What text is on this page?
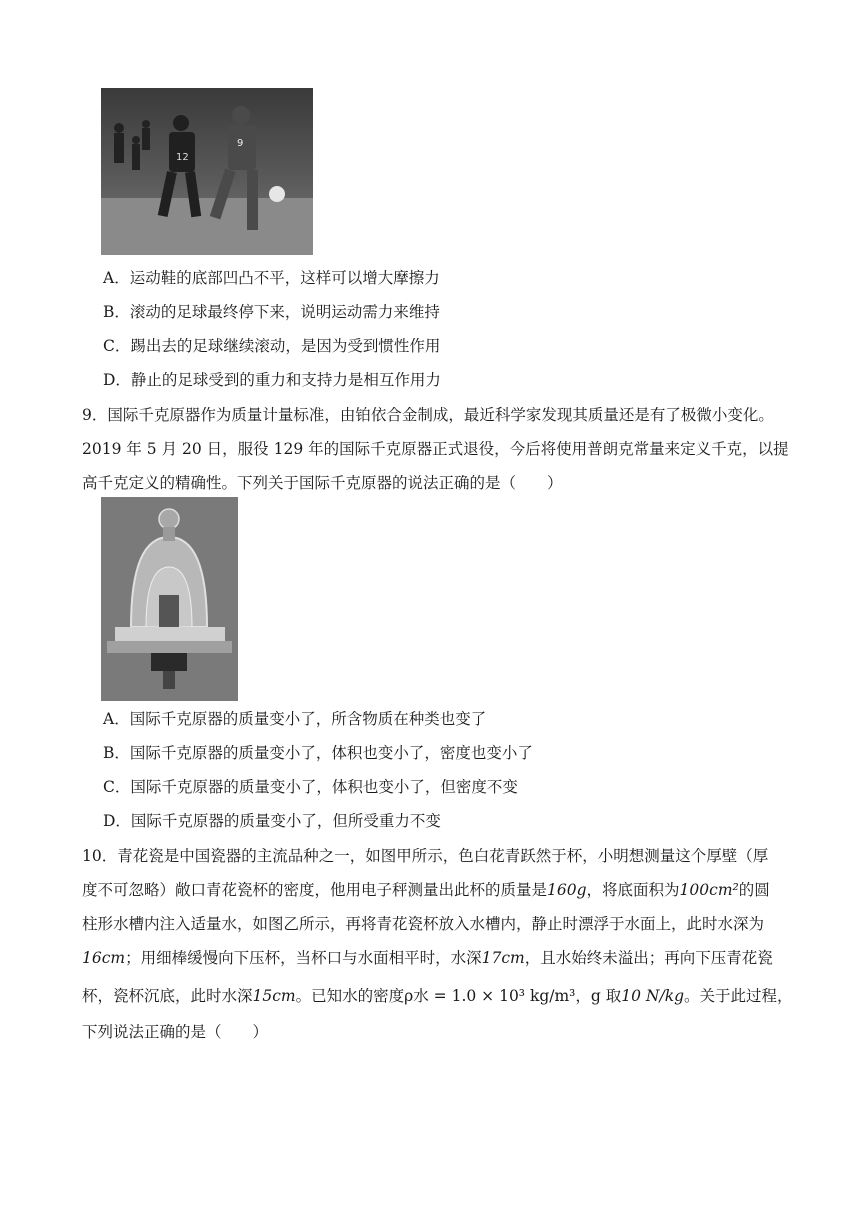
12
9
A．运动鞋的底部凹凸不平，这样可以增大摩擦力
B．滚动的足球最终停下来，说明运动需力来维持
C．踢出去的足球继续滚动，是因为受到惯性作用
D．静止的足球受到的重力和支持力是相互作用力
9．国际千克原器作为质量计量标准，由铂依合金制成，最近科学家发现其质量还是有了极微小变化。
2019 年 5 月 20 日，服役 129 年的国际千克原器正式退役，今后将使用普朗克常量来定义千克，以提
高千克定义的精确性。下列关于国际千克原器的说法正确的是（　　）
A．国际千克原器的质量变小了，所含物质在种类也变了
B．国际千克原器的质量变小了，体积也变小了，密度也变小了
C．国际千克原器的质量变小了，体积也变小了，但密度不变
D．国际千克原器的质量变小了，但所受重力不变
10．青花瓷是中国瓷器的主流品种之一，如图甲所示，色白花青跃然于杯，小明想测量这个厚壁（厚
度不可忽略）敞口青花瓷杯的密度，他用电子秤测量出此杯的质量是160g，将底面积为100cm²的圆
柱形水槽内注入适量水，如图乙所示，再将青花瓷杯放入水槽内，静止时漂浮于水面上，此时水深为
16cm；用细棒缓慢向下压杯，当杯口与水面相平时，水深17cm，且水始终未溢出；再向下压青花瓷
杯，瓷杯沉底，此时水深15cm。已知水的密度ρ水 = 1.0 × 10³ kg/m³，g 取10 N/kg。关于此过程，
下列说法正确的是（　　）
